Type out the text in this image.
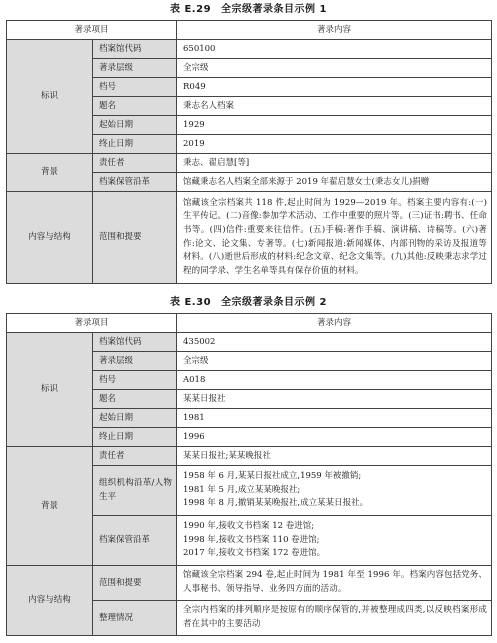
表 E.29 全宗级著录条目示例 1
著录项目		著录内容
标识	档案馆代码	650100
	著录层级	全宗级
	档号	R049
	题名	秉志名人档案
	起始日期	1929
	终止日期	2019
背景	责任者	秉志、翟启慧[等]
	档案保管沿革	馆藏秉志名人档案全部来源于 2019 年翟启慧女士(秉志女儿)捐赠
内容与结构	范围和提要	馆藏该全宗档案共 118 件,起止时间为 1929—2019 年。档案主要内容有:(一)生平传记。(二)音像:参加学术活动、工作中重要的照片等。(三)证书:聘书、任命书等。(四)信件:重要来往信件。(五)手稿:著作手稿、演讲稿、诗稿等。(六)著作:论文、论文集、专著等。(七)新闻报道:新闻媒体、内部刊物的采访及报道等材料。(八)逝世后形成的材料:纪念文章、纪念文集等。(九)其他:反映秉志求学过程的同学录、学生名单等具有保存价值的材料。
表 E.30 全宗级著录条目示例 2
著录项目		著录内容
标识	档案馆代码	435002
	著录层级	全宗级
	档号	A018
	题名	某某日报社
	起始日期	1981
	终止日期	1996
背景	责任者	某某日报社;某某晚报社
	组织机构沿革/人物生平	1958 年 6 月,某某日报社成立,1959 年被撤销;
1981 年 5 月,成立某某晚报社;
1998 年 8 月,撤销某某晚报社,成立某某日报社。

	档案保管沿革	1990 年,接收文书档案 12 卷进馆;
1998 年,接收文书档案 110 卷进馆;
2017 年,接收文书档案 172 卷进馆。

内容与结构	范围和提要	馆藏该全宗档案 294 卷,起止时间为 1981 年至 1996 年。档案内容包括党务、人事秘书、领导指导、业务四方面的活动。
	整理情况	全宗内档案的排列顺序是按原有的顺序保管的,并被整理成四类,以反映档案形成者在其中的主要活动
